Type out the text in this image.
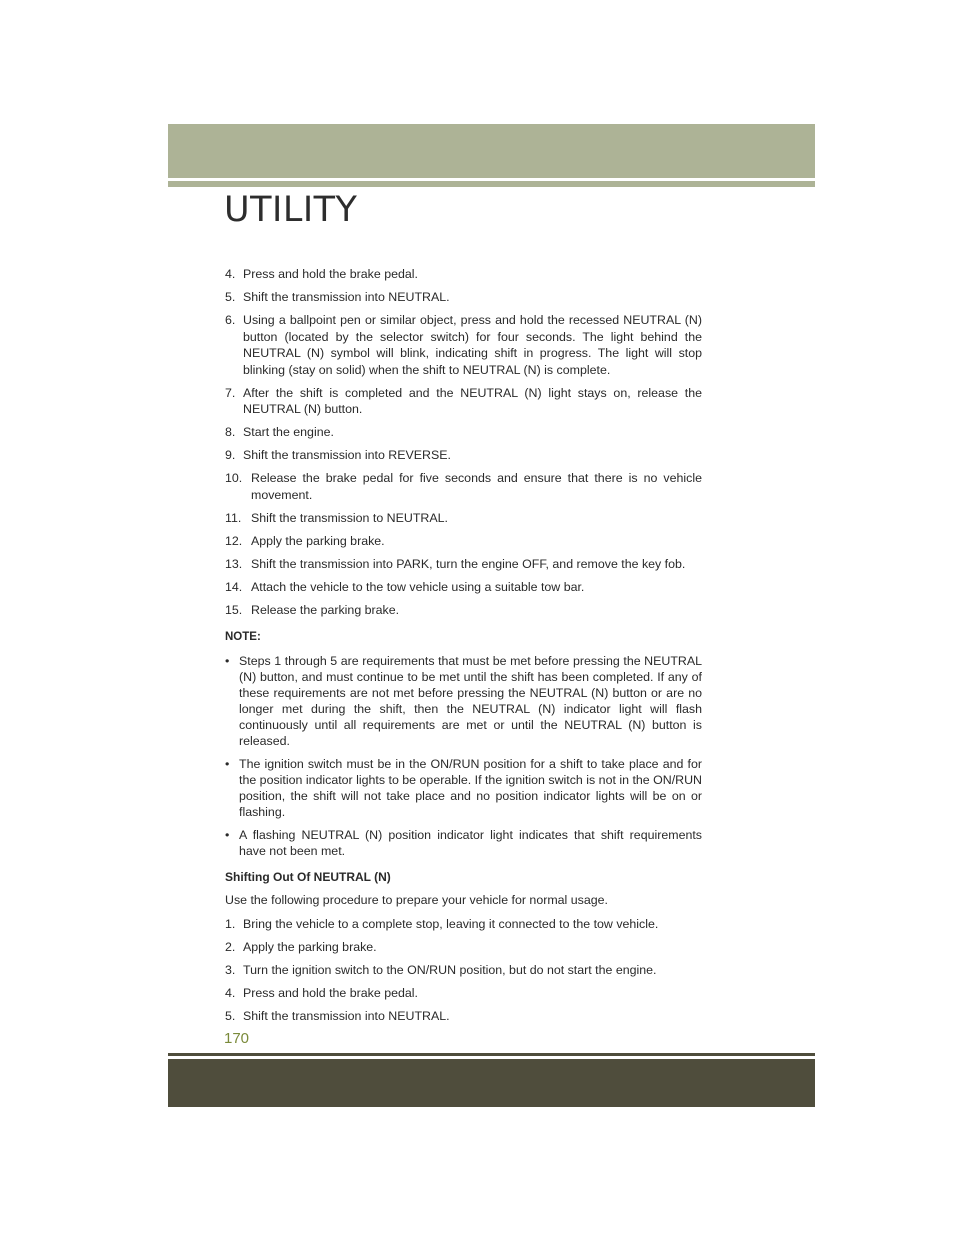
UTILITY
4. Press and hold the brake pedal.
5. Shift the transmission into NEUTRAL.
6. Using a ballpoint pen or similar object, press and hold the recessed NEUTRAL (N) button (located by the selector switch) for four seconds. The light behind the NEUTRAL (N) symbol will blink, indicating shift in progress. The light will stop blinking (stay on solid) when the shift to NEUTRAL (N) is complete.
7. After the shift is completed and the NEUTRAL (N) light stays on, release the NEUTRAL (N) button.
8. Start the engine.
9. Shift the transmission into REVERSE.
10. Release the brake pedal for five seconds and ensure that there is no vehicle movement.
11. Shift the transmission to NEUTRAL.
12. Apply the parking brake.
13. Shift the transmission into PARK, turn the engine OFF, and remove the key fob.
14. Attach the vehicle to the tow vehicle using a suitable tow bar.
15. Release the parking brake.
NOTE:
• Steps 1 through 5 are requirements that must be met before pressing the NEUTRAL (N) button, and must continue to be met until the shift has been completed. If any of these requirements are not met before pressing the NEUTRAL (N) button or are no longer met during the shift, then the NEUTRAL (N) indicator light will flash continuously until all requirements are met or until the NEUTRAL (N) button is released.
• The ignition switch must be in the ON/RUN position for a shift to take place and for the position indicator lights to be operable. If the ignition switch is not in the ON/RUN position, the shift will not take place and no position indicator lights will be on or flashing.
• A flashing NEUTRAL (N) position indicator light indicates that shift requirements have not been met.
Shifting Out Of NEUTRAL (N)

Use the following procedure to prepare your vehicle for normal usage.

1. Bring the vehicle to a complete stop, leaving it connected to the tow vehicle.
2. Apply the parking brake.
3. Turn the ignition switch to the ON/RUN position, but do not start the engine.
4. Press and hold the brake pedal.
5. Shift the transmission into NEUTRAL.
170
